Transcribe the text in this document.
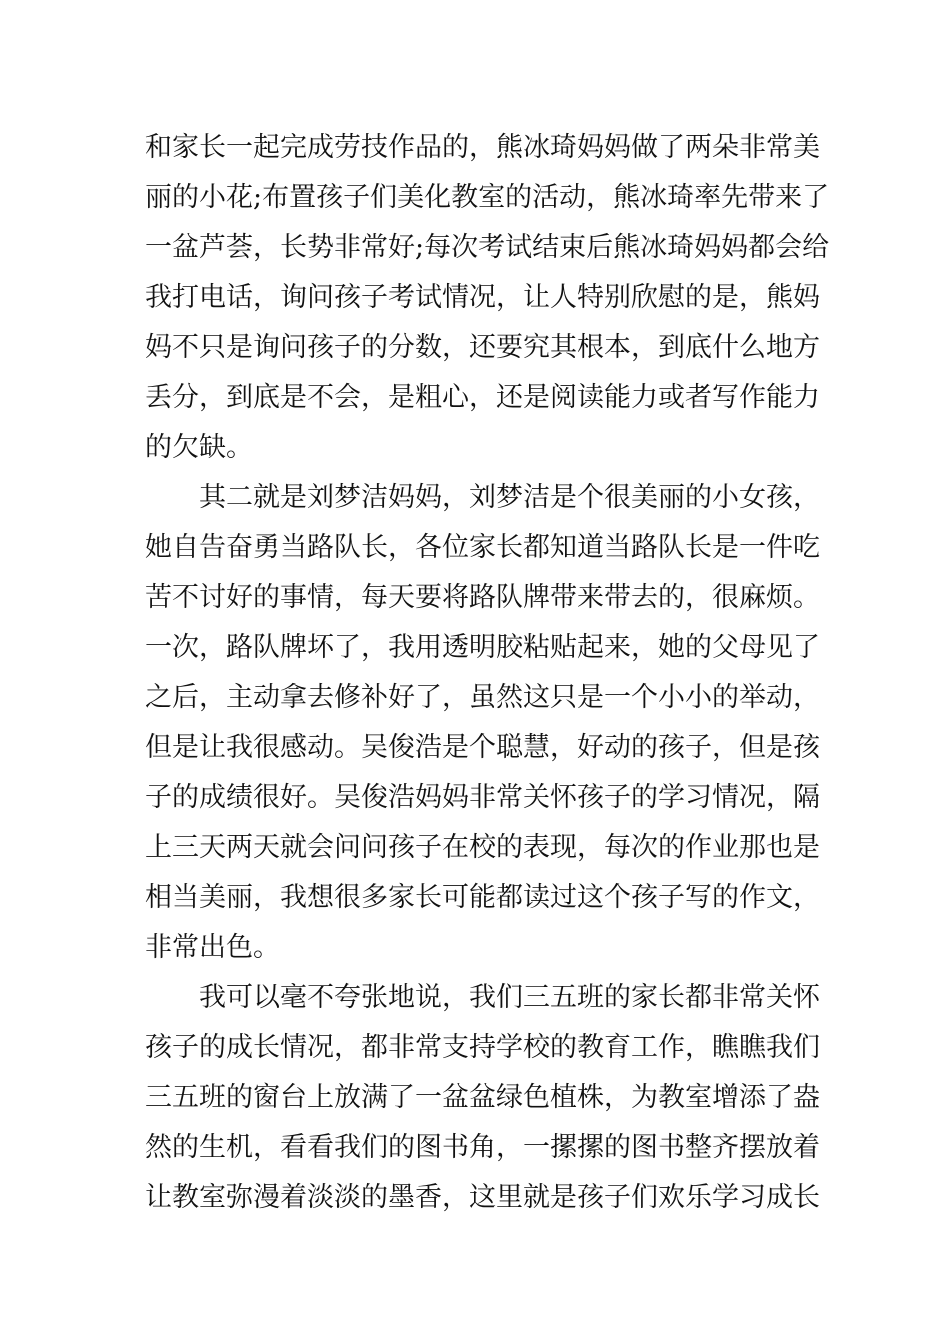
和家长一起完成劳技作品的，熊冰琦妈妈做了两朵非常美
丽的小花;布置孩子们美化教室的活动，熊冰琦率先带来了
一盆芦荟，长势非常好;每次考试结束后熊冰琦妈妈都会给
我打电话，询问孩子考试情况，让人特别欣慰的是，熊妈
妈不只是询问孩子的分数，还要究其根本，到底什么地方
丢分，到底是不会，是粗心，还是阅读能力或者写作能力
的欠缺。
其二就是刘梦洁妈妈，刘梦洁是个很美丽的小女孩，
她自告奋勇当路队长，各位家长都知道当路队长是一件吃
苦不讨好的事情，每天要将路队牌带来带去的，很麻烦。
一次，路队牌坏了，我用透明胶粘贴起来，她的父母见了
之后，主动拿去修补好了，虽然这只是一个小小的举动，
但是让我很感动。吴俊浩是个聪慧，好动的孩子，但是孩
子的成绩很好。吴俊浩妈妈非常关怀孩子的学习情况，隔
上三天两天就会问问孩子在校的表现，每次的作业那也是
相当美丽，我想很多家长可能都读过这个孩子写的作文，
非常出色。
我可以毫不夸张地说，我们三五班的家长都非常关怀
孩子的成长情况，都非常支持学校的教育工作，瞧瞧我们
三五班的窗台上放满了一盆盆绿色植株，为教室增添了盎
然的生机，看看我们的图书角，一摞摞的图书整齐摆放着
让教室弥漫着淡淡的墨香，这里就是孩子们欢乐学习成长
